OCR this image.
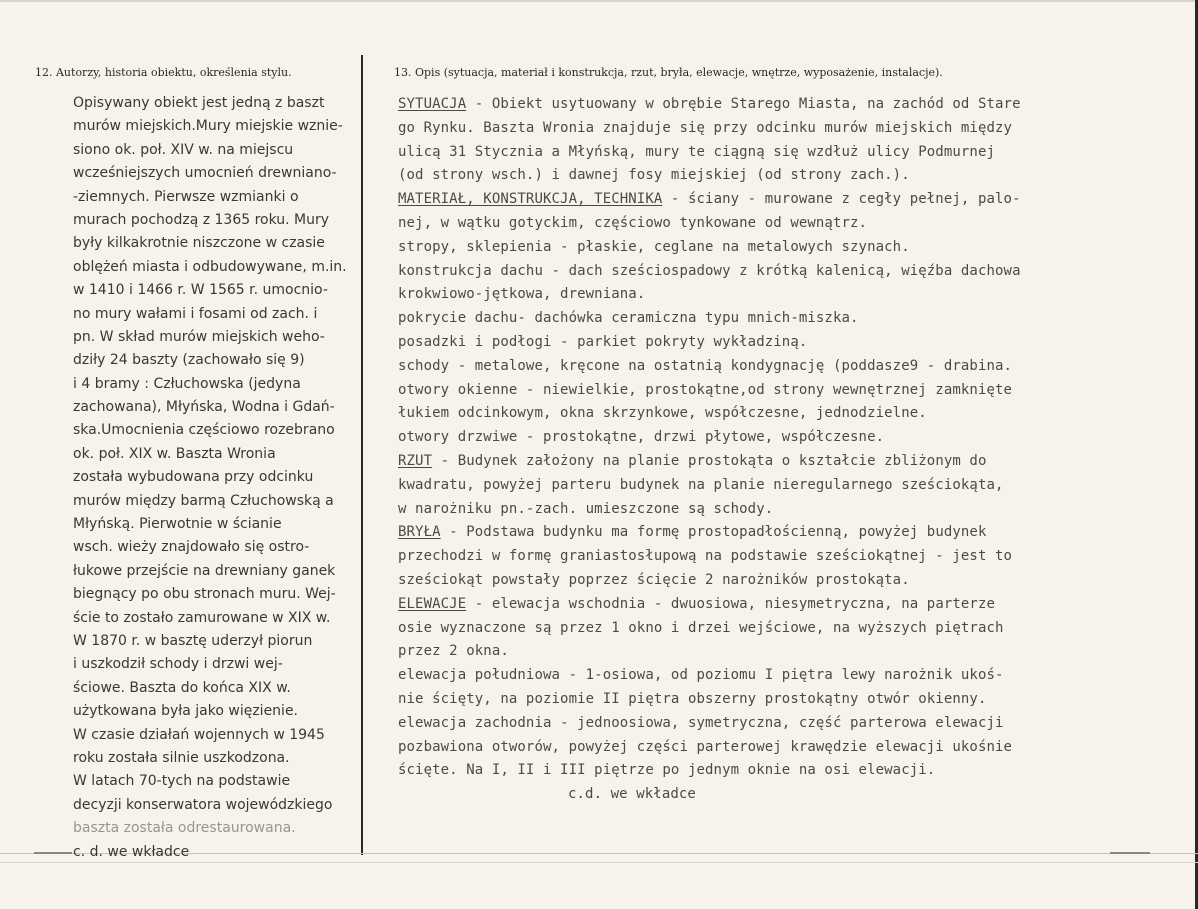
12. Autorzy, historia obiektu, określenia stylu.	13. Opis (sytuacja, materiał i konstrukcja, rzut, bryła, elewacje, wnętrze, wyposażenie, instalacje).
Opisywany obiekt jest jedną z baszt
murów miejskich.Mury miejskie wznie-
siono ok. poł. XIV w. na miejscu
wcześniejszych umocnień drewniano-
-ziemnych. Pierwsze wzmianki o
murach pochodzą z 1365 roku. Mury
były kilkakrotnie niszczone w czasie
oblężeń miasta i odbudowywane, m.in.
w 1410 i 1466 r. W 1565 r. umocnio-
no mury wałami i fosami od zach. i
pn. W skład murów miejskich weho-
dziły 24 baszty (zachowało się 9)
i 4 bramy : Człuchowska (jedyna
zachowana), Młyńska, Wodna i Gdań-
ska.Umocnienia częściowo rozebrano
ok. poł. XIX w. Baszta Wronia
została wybudowana przy odcinku
murów między barmą Człuchowską a
Młyńską. Pierwotnie w ścianie
wsch. wieży znajdowało się ostro-
łukowe przejście na drewniany ganek
biegnący po obu stronach muru. Wej-
ście to zostało zamurowane w XIX w.
W 1870 r. w basztę uderzył piorun
i uszkodził schody i drzwi wej-
ściowe. Baszta do końca XIX w.
użytkowana była jako więzienie.
W czasie działań wojennych w 1945
roku została silnie uszkodzona.
W latach 70-tych na podstawie
decyzji konserwatora wojewódzkiego
baszta została odrestaurowana.
c. d. we wkładce
SYTUACJA - Obiekt usytuowany w obrębie Starego Miasta, na zachód od Stare
go Rynku. Baszta Wronia znajduje się przy odcinku murów miejskich między
ulicą 31 Stycznia a Młyńską, mury te ciągną się wzdłuż ulicy Podmurnej
(od strony wsch.) i dawnej fosy miejskiej (od strony zach.).
MATERIAŁ, KONSTRUKCJA, TECHNIKA - ściany - murowane z cegły pełnej, palo-
nej, w wątku gotyckim, częściowo tynkowane od wewnątrz.
stropy, sklepienia - płaskie, ceglane na metalowych szynach.
konstrukcja dachu - dach sześciospadowy z krótką kalenicą, więźba dachowa
krokwiowo-jętkowa, drewniana.
pokrycie dachu- dachówka ceramiczna typu mnich-miszka.
posadzki i podłogi - parkiet pokryty wykładziną.
schody - metalowe, kręcone na ostatnią kondygnację (poddasze9 - drabina.
otwory okienne - niewielkie, prostokątne,od strony wewnętrznej zamknięte
łukiem odcinkowym, okna skrzynkowe, współczesne, jednodzielne.
otwory drzwiwe - prostokątne, drzwi płytowe, współczesne.
RZUT - Budynek założony na planie prostokąta o kształcie zbliżonym do
kwadratu, powyżej parteru budynek na planie nieregularnego sześciokąta,
w narożniku pn.-zach. umieszczone są schody.
BRYŁA - Podstawa budynku ma formę prostopadłościenną, powyżej budynek
przechodzi w formę graniastosłupową na podstawie sześciokątnej - jest to
sześciokąt powstały poprzez ścięcie 2 narożników prostokąta.
ELEWACJE - elewacja wschodnia - dwuosiowa, niesymetryczna, na parterze
osie wyznaczone są przez 1 okno i drzei wejściowe, na wyższych piętrach
przez 2 okna.
elewacja południowa - 1-osiowa, od poziomu I piętra lewy narożnik ukoś-
nie ścięty, na poziomie II piętra obszerny prostokątny otwór okienny.
elewacja zachodnia - jednoosiowa, symetryczna, część parterowa elewacji
pozbawiona otworów, powyżej części parterowej krawędzie elewacji ukośnie
ścięte. Na I, II i III piętrze po jednym oknie na osi elewacji.
c.d. we wkładce
